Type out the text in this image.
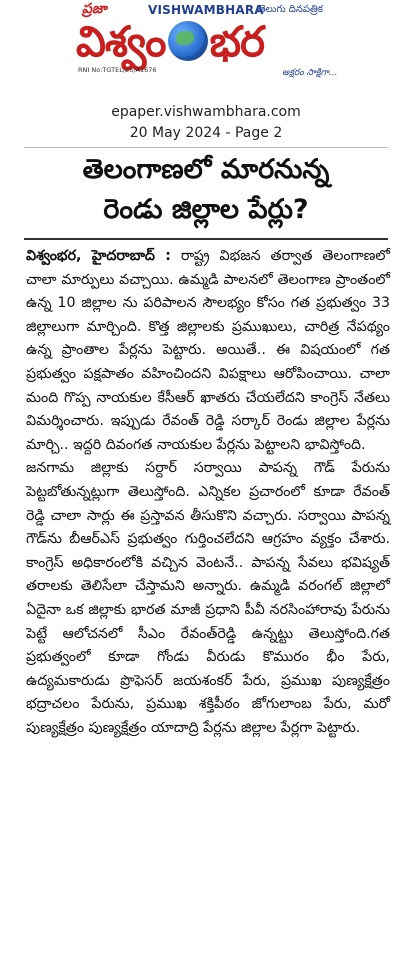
ప్రజా	VISHWAMBHARA
తెలుగు దినపత్రిక
విశ్వం భర
RNI No:TGTEL/25/A1676	అక్షరం సాక్షిగా...
epaper.vishwambhara.com
20 May 2024 - Page 2
తెలంగాణలో మారనున్న
రెండు జిల్లాల పేర్లు?

విశ్వంభర, హైదరాబాద్ : రాష్ట్ర విభజన తర్వాత తెలంగాణలో చాలా మార్పులు వచ్చాయి. ఉమ్మడి పాలనలో తెలంగాణ ప్రాంతంలో ఉన్న 10 జిల్లాల ను పరిపాలన సౌలభ్యం కోసం గత ప్రభుత్వం 33 జిల్లాలుగా మార్చింది. కొత్త జిల్లాలకు ప్రముఖులు, చారిత్ర నేపథ్యం ఉన్న ప్రాంతాల పేర్లను పెట్టారు. అయితే.. ఈ విషయంలో గత ప్రభుత్వం పక్షపాతం వహించిందని విపక్షాలు ఆరోపించాయి. చాలా మంది గొప్ప నాయకుల కేసీఆర్ ఖాతరు చేయలేదని కాంగ్రెస్ నేతలు విమర్శించారు. ఇప్పుడు రేవంత్ రెడ్డి సర్కార్ రెండు జిల్లాల పేర్లను మార్చి.. ఇద్దరి దివంగత నాయకుల పేర్లను పెట్టాలని భావిస్తోంది.

జనగామ జిల్లాకు సర్దార్ సర్వాయి పాపన్న గౌడ్ పేరును పెట్టబోతున్నట్లుగా తెలుస్తోంది. ఎన్నికల ప్రచారంలో కూడా రేవంత్ రెడ్డి చాలా సార్లు ఈ ప్రస్తావన తీసుకొని వచ్చారు. సర్వాయి పాపన్న గౌడ్‌ను బీఆర్ఎస్ ప్రభుత్వం గుర్తించలేదని ఆగ్రహం వ్యక్తం చేశారు. కాంగ్రెస్ అధికారంలోకి వచ్చిన వెంటనే.. పాపన్న సేవలు భవిష్యత్ తరాలకు తెలిసేలా చేస్తామని అన్నారు. ఉమ్మడి వరంగల్ జిల్లాలో ఏదైనా ఒక జిల్లాకు భారత మాజీ ప్రధాని పీవీ నరసింహారావు పేరును పెట్టే ఆలోచనలో సీఎం రేవంత్‌రెడ్డి ఉన్నట్టు తెలుస్తోంది.గత ప్రభుత్వంలో కూడా గోండు వీరుడు కొమురం భీం పేరు, ఉద్యమకారుడు ప్రొఫెసర్ జయశంకర్ పేరు, ప్రముఖ పుణ్యక్షేత్రం భద్రాచలం పేరును, ప్రముఖ శక్తిపీఠం జోగులాంబ పేరు, మరో పుణ్యక్షేత్రం పుణ్యక్షేత్రం యాదాద్రి పేర్లను జిల్లాల పేర్లగా పెట్టారు.
